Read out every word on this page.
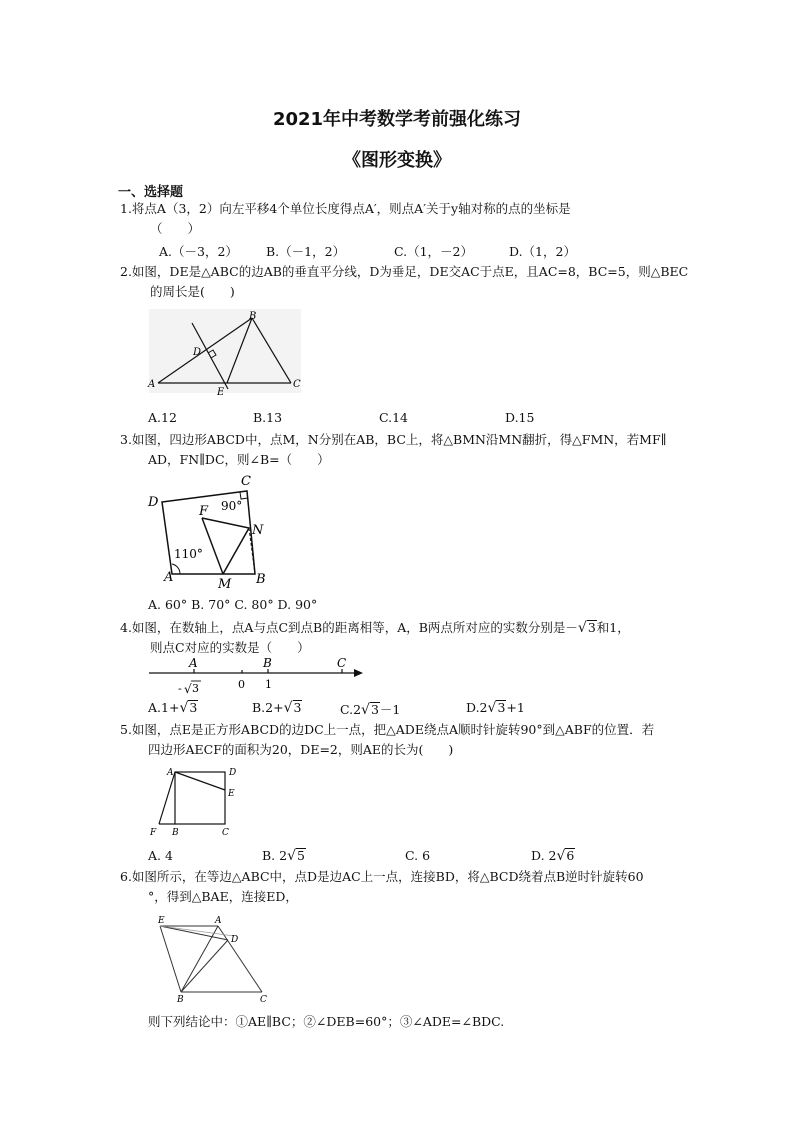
2021年中考数学考前强化练习
《图形变换》
一、选择题
1.将点A（3，2）向左平移4个单位长度得点A′，则点A′关于y轴对称的点的坐标是
（　　）
A.（－3，2） B.（－1，2）	C.（1，－2）	D.（1，2）
2.如图，DE是△ABC的边AB的垂直平分线，D为垂足，DE交AC于点E，且AC=8，BC=5，则△BEC
的周长是(　　)
B
D
A
E
C
A.12	B.13	C.14	D.15
3.如图，四边形ABCD中，点M，N分别在AB，BC上，将△BMN沿MN翻折，得△FMN，若MF∥
AD，FN∥DC，则∠B=（　　）
C
D	90°
F
N
110°
A	M B
A. 60° B. 70° C. 80° D. 90°
4.如图，在数轴上，点A与点C到点B的距离相等，A，B两点所对应的实数分别是－√3和1，
则点C对应的实数是（　　）
A	B	C
0 1
- √ 3
A.1+√3	B.2+√3	C.2√3－1	D.2√3+1
5.如图，点E是正方形ABCD的边DC上一点，把△ADE绕点A顺时针旋转90°到△ABF的位置．若
四边形AECF的面积为20，DE=2，则AE的长为(　　)
A	D
E
F B	C
A. 4	B. 2√5	C. 6	D. 2√6
6.如图所示，在等边△ABC中，点D是边AC上一点，连接BD，将△BCD绕着点B逆时针旋转60
°，得到△BAE，连接ED，
E	A
D
B	C
则下列结论中：①AE∥BC；②∠DEB=60°；③∠ADE=∠BDC.
